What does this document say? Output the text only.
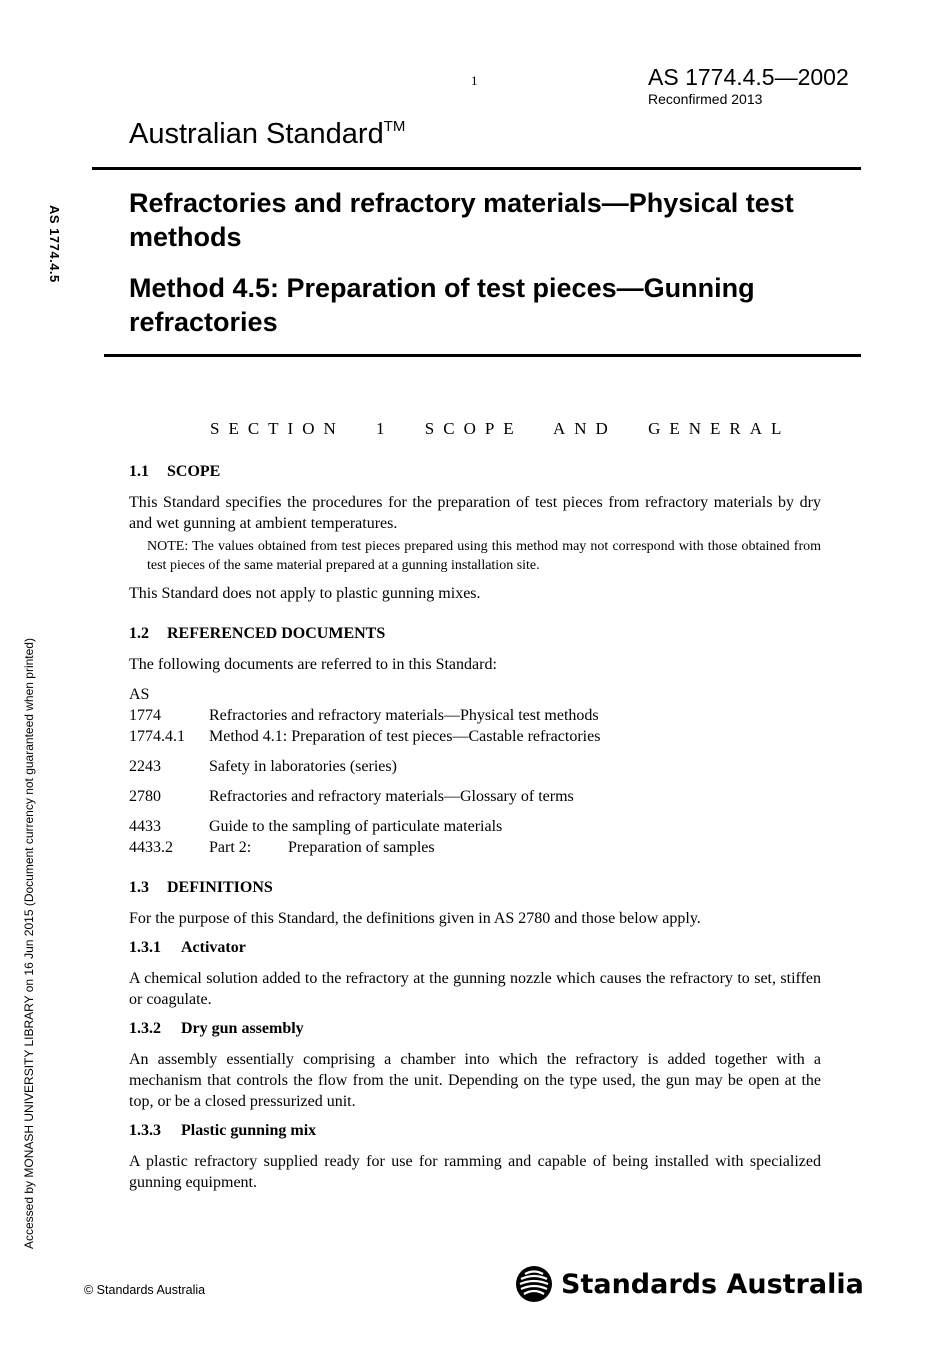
1	AS 1774.4.5—2002
Reconfirmed 2013
Australian Standard™
Refractories and refractory materials—Physical test methods
Method 4.5: Preparation of test pieces—Gunning refractories
AS 1774.4.5
Accessed by MONASH UNIVERSITY LIBRARY on 16 Jun 2015 (Document currency not guaranteed when printed)
SECTION 1 SCOPE AND GENERAL
1.1 SCOPE
This Standard specifies the procedures for the preparation of test pieces from refractory materials by dry and wet gunning at ambient temperatures.
NOTE: The values obtained from test pieces prepared using this method may not correspond with those obtained from test pieces of the same material prepared at a gunning installation site.
This Standard does not apply to plastic gunning mixes.
1.2 REFERENCED DOCUMENTS
The following documents are referred to in this Standard:
AS
1774	Refractories and refractory materials—Physical test methods
1774.4.1	Method 4.1: Preparation of test pieces—Castable refractories
2243	Safety in laboratories (series)
2780	Refractories and refractory materials—Glossary of terms
4433	Guide to the sampling of particulate materials
4433.2	Part 2: Preparation of samples
1.3 DEFINITIONS
For the purpose of this Standard, the definitions given in AS 2780 and those below apply.
1.3.1 Activator
A chemical solution added to the refractory at the gunning nozzle which causes the refractory to set, stiffen or coagulate.
1.3.2 Dry gun assembly
An assembly essentially comprising a chamber into which the refractory is added together with a mechanism that controls the flow from the unit. Depending on the type used, the gun may be open at the top, or be a closed pressurized unit.
1.3.3 Plastic gunning mix
A plastic refractory supplied ready for use for ramming and capable of being installed with specialized gunning equipment.
© Standards Australia	Standards Australia
